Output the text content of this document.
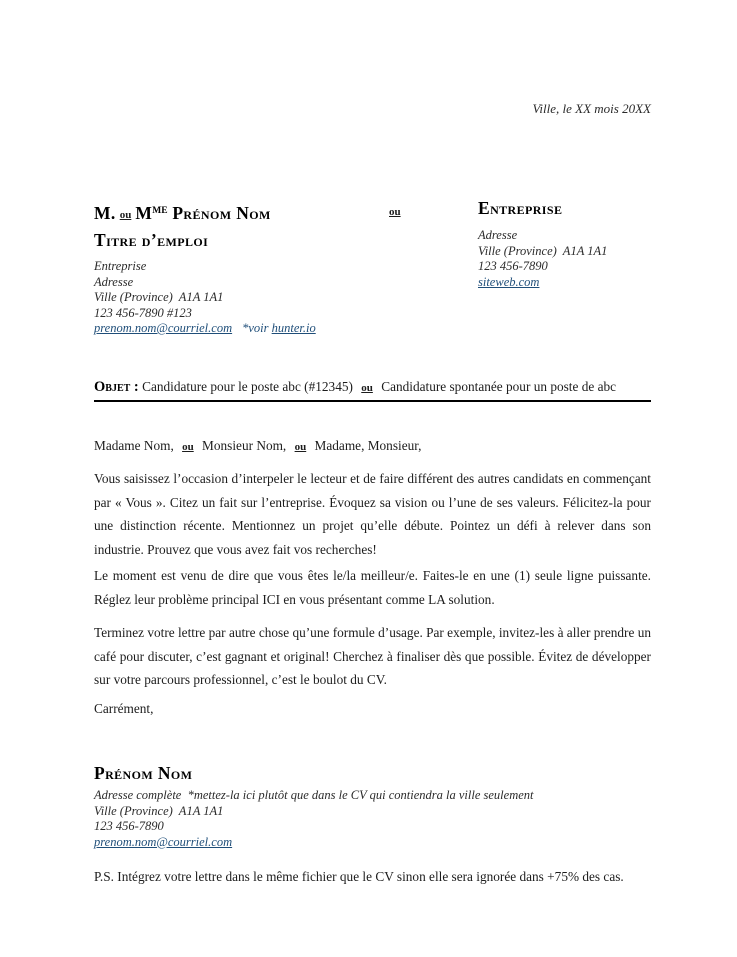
Ville, le XX mois 20XX
M. ou $M^{ME}$ Prénom Nom
Titre d’emploi
Entreprise
Adresse
Ville (Province)  A1A 1A1
123 456-7890 #123
prenom.nom@courriel.com *voir hunter.io
ou	Entreprise
Adresse
Ville (Province)  A1A 1A1
123 456-7890
siteweb.com
Objet : Candidature pour le poste abc (#12345) ou Candidature spontanée pour un poste de abc
Madame Nom, ou Monsieur Nom, ou Madame, Monsieur,
Vous saisissez l’occasion d’interpeler le lecteur et de faire différent des autres candidats en commençant par « Vous ». Citez un fait sur l’entreprise. Évoquez sa vision ou l’une de ses valeurs. Félicitez-la pour une distinction récente. Mentionnez un projet qu’elle débute. Pointez un défi à relever dans son industrie. Prouvez que vous avez fait vos recherches!
Le moment est venu de dire que vous êtes le/la meilleur/e. Faites-le en une (1) seule ligne puissante. Réglez leur problème principal ICI en vous présentant comme LA solution.
Terminez votre lettre par autre chose qu’une formule d’usage. Par exemple, invitez-les à aller prendre un café pour discuter, c’est gagnant et original! Cherchez à finaliser dès que possible. Évitez de développer sur votre parcours professionnel, c’est le boulot du CV.
Carrément,
Prénom Nom
Adresse complète  *mettez-la ici plutôt que dans le CV qui contiendra la ville seulement
Ville (Province)  A1A 1A1
123 456-7890
prenom.nom@courriel.com
P.S. Intégrez votre lettre dans le même fichier que le CV sinon elle sera ignorée dans +75% des cas.
